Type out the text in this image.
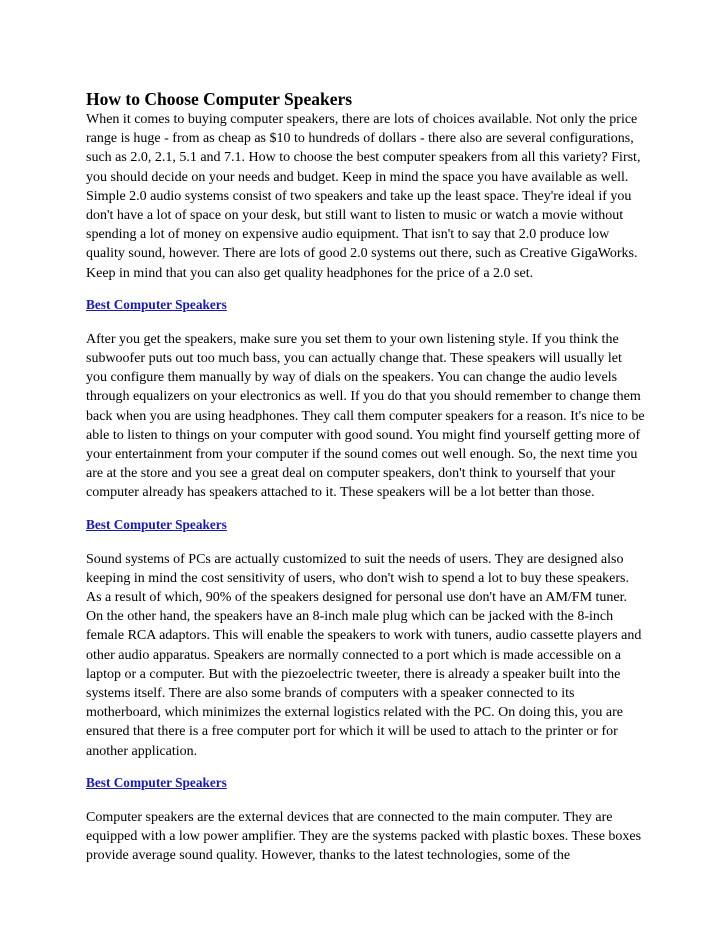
How to Choose Computer Speakers

When it comes to buying computer speakers, there are lots of choices available. Not only the price range is huge - from as cheap as $10 to hundreds of dollars - there also are several configurations, such as 2.0, 2.1, 5.1 and 7.1. How to choose the best computer speakers from all this variety? First, you should decide on your needs and budget. Keep in mind the space you have available as well. Simple 2.0 audio systems consist of two speakers and take up the least space. They're ideal if you don't have a lot of space on your desk, but still want to listen to music or watch a movie without spending a lot of money on expensive audio equipment. That isn't to say that 2.0 produce low quality sound, however. There are lots of good 2.0 systems out there, such as Creative GigaWorks. Keep in mind that you can also get quality headphones for the price of a 2.0 set.

Best Computer Speakers

After you get the speakers, make sure you set them to your own listening style. If you think the subwoofer puts out too much bass, you can actually change that. These speakers will usually let you configure them manually by way of dials on the speakers. You can change the audio levels through equalizers on your electronics as well. If you do that you should remember to change them back when you are using headphones. They call them computer speakers for a reason. It's nice to be able to listen to things on your computer with good sound. You might find yourself getting more of your entertainment from your computer if the sound comes out well enough. So, the next time you are at the store and you see a great deal on computer speakers, don't think to yourself that your computer already has speakers attached to it. These speakers will be a lot better than those.

Best Computer Speakers

Sound systems of PCs are actually customized to suit the needs of users. They are designed also keeping in mind the cost sensitivity of users, who don't wish to spend a lot to buy these speakers. As a result of which, 90% of the speakers designed for personal use don't have an AM/FM tuner. On the other hand, the speakers have an 8-inch male plug which can be jacked with the 8-inch female RCA adaptors. This will enable the speakers to work with tuners, audio cassette players and other audio apparatus. Speakers are normally connected to a port which is made accessible on a laptop or a computer. But with the piezoelectric tweeter, there is already a speaker built into the systems itself. There are also some brands of computers with a speaker connected to its motherboard, which minimizes the external logistics related with the PC. On doing this, you are ensured that there is a free computer port for which it will be used to attach to the printer or for another application.

Best Computer Speakers

Computer speakers are the external devices that are connected to the main computer. They are equipped with a low power amplifier. They are the systems packed with plastic boxes. These boxes provide average sound quality. However, thanks to the latest technologies, some of the
